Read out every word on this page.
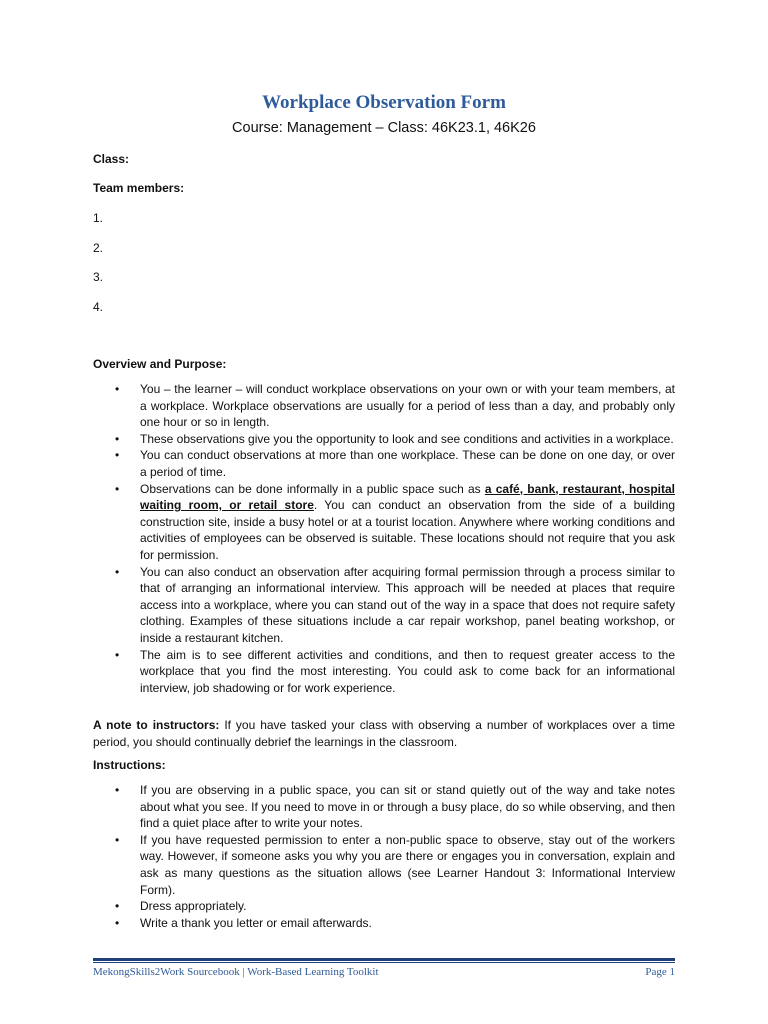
Workplace Observation Form
Course: Management – Class: 46K23.1, 46K26
Class:
Team members:
1.
2.
3.
4.
Overview and Purpose:
• You – the learner – will conduct workplace observations on your own or with your team members, at a workplace. Workplace observations are usually for a period of less than a day, and probably only one hour or so in length.
• These observations give you the opportunity to look and see conditions and activities in a workplace.
• You can conduct observations at more than one workplace. These can be done on one day, or over a period of time.
• Observations can be done informally in a public space such as a café, bank, restaurant, hospital waiting room, or retail store. You can conduct an observation from the side of a building construction site, inside a busy hotel or at a tourist location. Anywhere where working conditions and activities of employees can be observed is suitable. These locations should not require that you ask for permission.
• You can also conduct an observation after acquiring formal permission through a process similar to that of arranging an informational interview. This approach will be needed at places that require access into a workplace, where you can stand out of the way in a space that does not require safety clothing. Examples of these situations include a car repair workshop, panel beating workshop, or inside a restaurant kitchen.
• The aim is to see different activities and conditions, and then to request greater access to the workplace that you find the most interesting. You could ask to come back for an informational interview, job shadowing or for work experience.
A note to instructors: If you have tasked your class with observing a number of workplaces over a time period, you should continually debrief the learnings in the classroom.
Instructions:
• If you are observing in a public space, you can sit or stand quietly out of the way and take notes about what you see. If you need to move in or through a busy place, do so while observing, and then find a quiet place after to write your notes.
• If you have requested permission to enter a non-public space to observe, stay out of the workers way. However, if someone asks you why you are there or engages you in conversation, explain and ask as many questions as the situation allows (see Learner Handout 3: Informational Interview Form).
• Dress appropriately.
• Write a thank you letter or email afterwards.
MekongSkills2Work Sourcebook | Work-Based Learning Toolkit	Page 1
